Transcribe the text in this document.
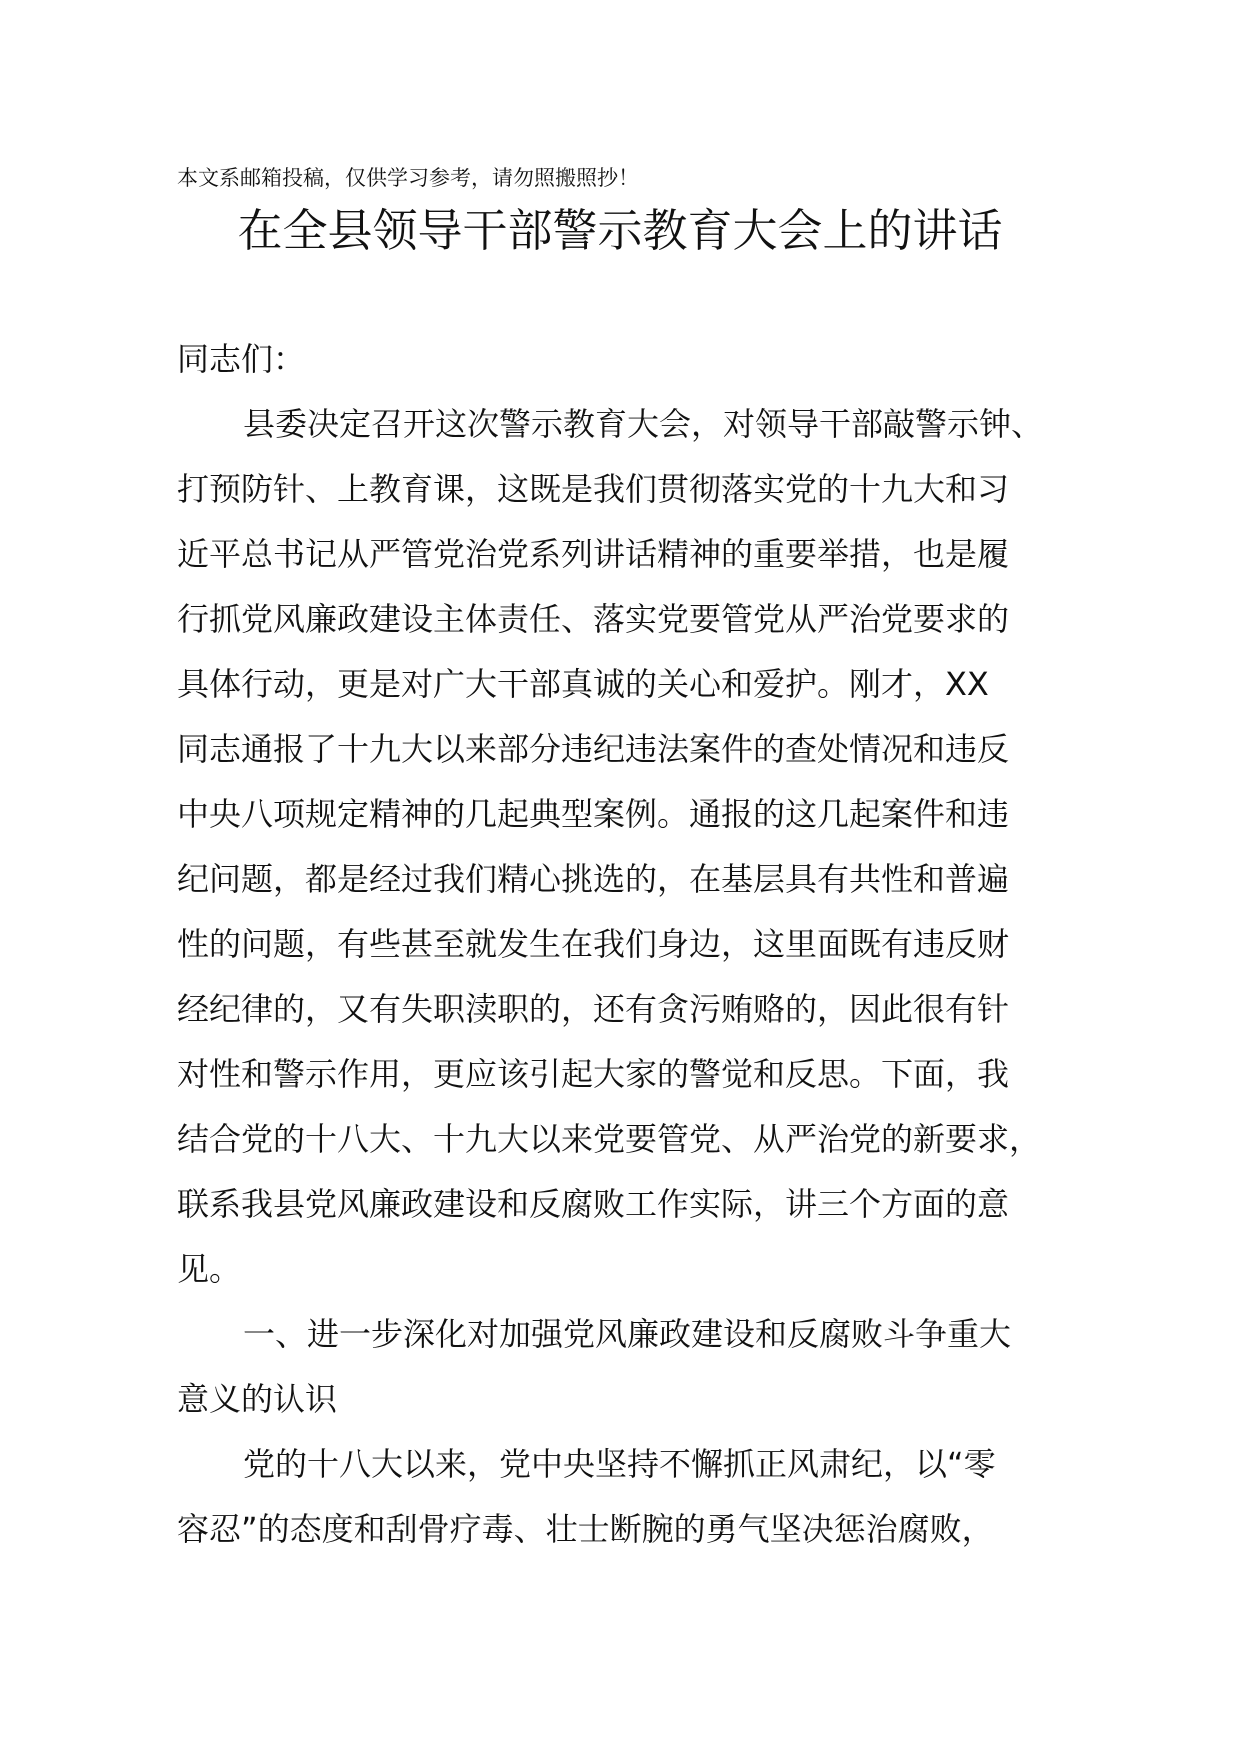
本文系邮箱投稿，仅供学习参考，请勿照搬照抄！
在全县领导干部警示教育大会上的讲话
同志们：
县委决定召开这次警示教育大会，对领导干部敲警示钟、
打预防针、上教育课，这既是我们贯彻落实党的十九大和习
近平总书记从严管党治党系列讲话精神的重要举措，也是履
行抓党风廉政建设主体责任、落实党要管党从严治党要求的
具体行动，更是对广大干部真诚的关心和爱护。刚才，XX
同志通报了十九大以来部分违纪违法案件的查处情况和违反
中央八项规定精神的几起典型案例。通报的这几起案件和违
纪问题，都是经过我们精心挑选的，在基层具有共性和普遍
性的问题，有些甚至就发生在我们身边，这里面既有违反财
经纪律的，又有失职渎职的，还有贪污贿赂的，因此很有针
对性和警示作用，更应该引起大家的警觉和反思。下面，我
结合党的十八大、十九大以来党要管党、从严治党的新要求，
联系我县党风廉政建设和反腐败工作实际，讲三个方面的意
见。
一、进一步深化对加强党风廉政建设和反腐败斗争重大
意义的认识
党的十八大以来，党中央坚持不懈抓正风肃纪，以“零
容忍”的态度和刮骨疗毒、壮士断腕的勇气坚决惩治腐败，
